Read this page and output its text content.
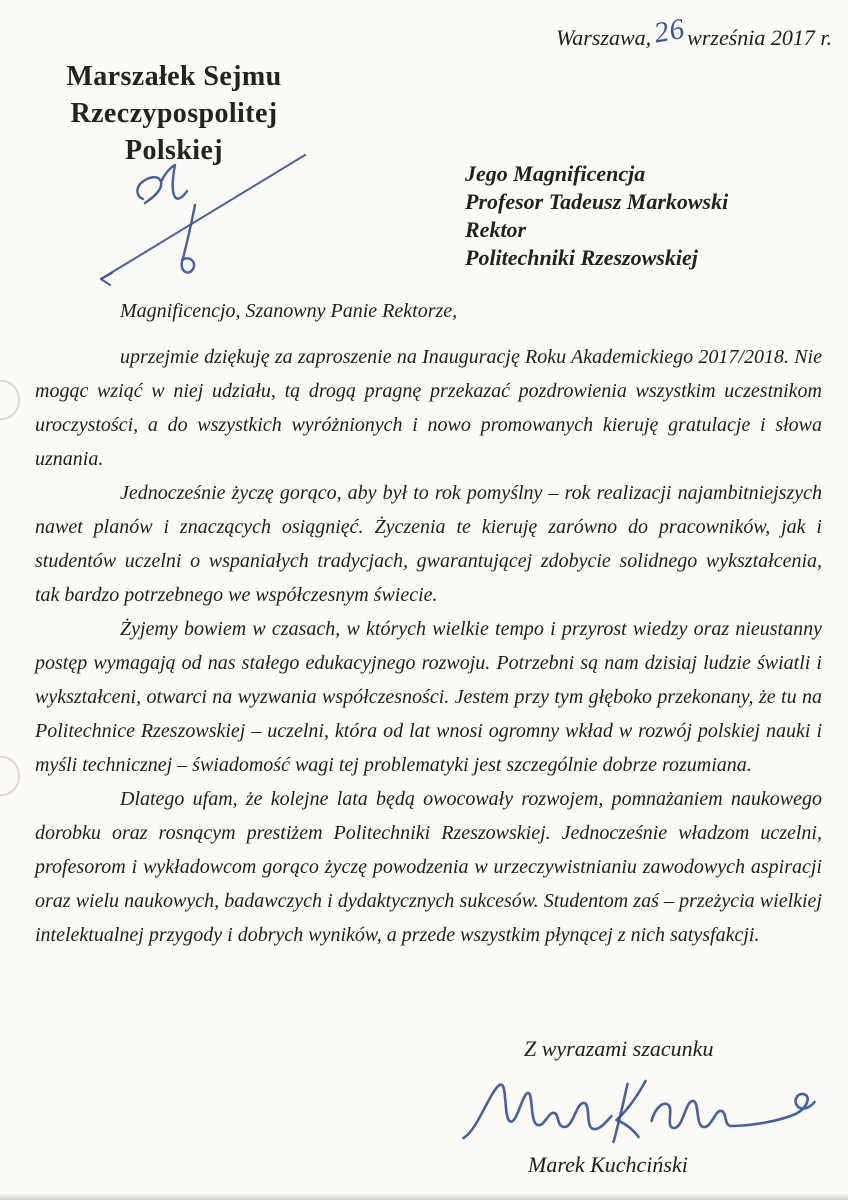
Warszawa,26września 2017 r.
Marszałek Sejmu
Rzeczypospolitej Polskiej
Jego Magnificencja
Profesor Tadeusz Markowski
Rektor
Politechniki Rzeszowskiej

Magnificencjo, Szanowny Panie Rektorze,

uprzejmie dziękuję za zaproszenie na Inaugurację Roku Akademickiego 2017/2018. Nie mogąc wziąć w niej udziału, tą drogą pragnę przekazać pozdrowienia wszystkim uczestnikom uroczystości, a do wszystkich wyróżnionych i nowo promowanych kieruję gratulacje i słowa uznania.

Jednocześnie życzę gorąco, aby był to rok pomyślny – rok realizacji najambitniejszych nawet planów i znaczących osiągnięć. Życzenia te kieruję zarówno do pracowników, jak i studentów uczelni o wspaniałych tradycjach, gwarantującej zdobycie solidnego wykształcenia, tak bardzo potrzebnego we współczesnym świecie.

Żyjemy bowiem w czasach, w których wielkie tempo i przyrost wiedzy oraz nieustanny postęp wymagają od nas stałego edukacyjnego rozwoju. Potrzebni są nam dzisiaj ludzie światli i wykształceni, otwarci na wyzwania współczesności. Jestem przy tym głęboko przekonany, że tu na Politechnice Rzeszowskiej – uczelni, która od lat wnosi ogromny wkład w rozwój polskiej nauki i myśli technicznej – świadomość wagi tej problematyki jest szczególnie dobrze rozumiana.

Dlatego ufam, że kolejne lata będą owocowały rozwojem, pomnażaniem naukowego dorobku oraz rosnącym prestiżem Politechniki Rzeszowskiej. Jednocześnie władzom uczelni, profesorom i wykładowcom gorąco życzę powodzenia w urzeczywistnianiu zawodowych aspiracji oraz wielu naukowych, badawczych i dydaktycznych sukcesów. Studentom zaś – przeżycia wielkiej intelektualnej przygody i dobrych wyników, a przede wszystkim płynącej z nich satysfakcji.

Z wyrazami szacunku
Marek Kuchciński
